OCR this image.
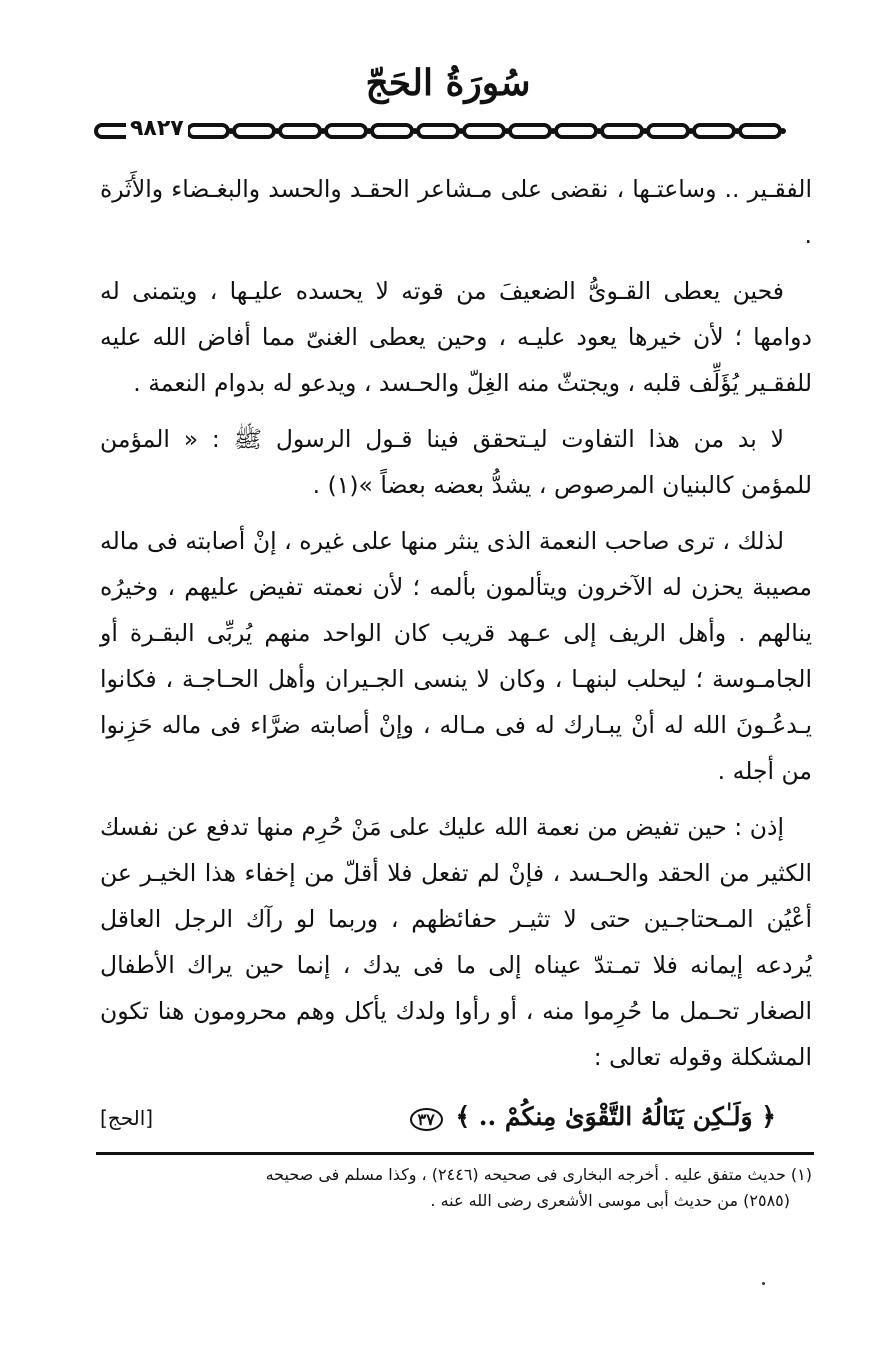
سُورَةُ الحَجّ
٩٨٢٧

الفقـير .. وساعتـها ، نقضى على مـشاعر الحقـد والحسد والبغـضاء والأَثَرة .

فحين يعطى القـوىُّ الضعيفَ من قوته لا يحسده عليـها ، ويتمنى له دوامها ؛ لأن خيرها يعود عليـه ، وحين يعطى الغنىّ مما أفاض الله عليه للفقـير يُؤَلِّف قلبه ، ويجتثّ منه الغِلّ والحـسد ، ويدعو له بدوام النعمة .

لا بد من هذا التفاوت ليـتحقق فينا قـول الرسول ﷺ : « المؤمن للمؤمن كالبنيان المرصوص ، يشدُّ بعضه بعضاً »(١) .

لذلك ، ترى صاحب النعمة الذى ينثر منها على غيره ، إنْ أصابته فى ماله مصيبة يحزن له الآخرون ويتألمون بألمه ؛ لأن نعمته تفيض عليهم ، وخيرُه ينالهم . وأهل الريف إلى عـهد قريب كان الواحد منهم يُربِّى البقـرة أو الجامـوسة ؛ ليحلب لبنهـا ، وكان لا ينسى الجـيران وأهل الحـاجـة ، فكانوا يـدعُـونَ الله له أنْ يبـارك له فى مـاله ، وإنْ أصابته ضرَّاء فى ماله حَزِنوا من أجله .

إذن : حين تفيض من نعمة الله عليك على مَنْ حُرِم منها تدفع عن نفسك الكثير من الحقد والحـسد ، فإنْ لم تفعل فلا أقلّ من إخفاء هذا الخيـر عن أعْيُن المـحتاجـين حتى لا تثيـر حفائظهم ، وربما لو رآك الرجل العاقل يُردعه إيمانه فلا تمـتدّ عيناه إلى ما فى يدك ، إنما حين يراك الأطفال الصغار تحـمل ما حُرِموا منه ، أو رأوا ولدك يأكل وهم محرومون هنا تكون المشكلة وقوله تعالى :

﴿ وَلَـٰكِن يَنَالُهُ التَّقْوَىٰ مِنكُمْ .. ﴾ ٣٧
[الحج]

(١) حديث متفق عليه . أخرجه البخارى فى صحيحه (٢٤٤٦) ، وكذا مسلم فى صحيحه

(٢٥٨٥) من حديث أبى موسى الأشعرى رضى الله عنه .
